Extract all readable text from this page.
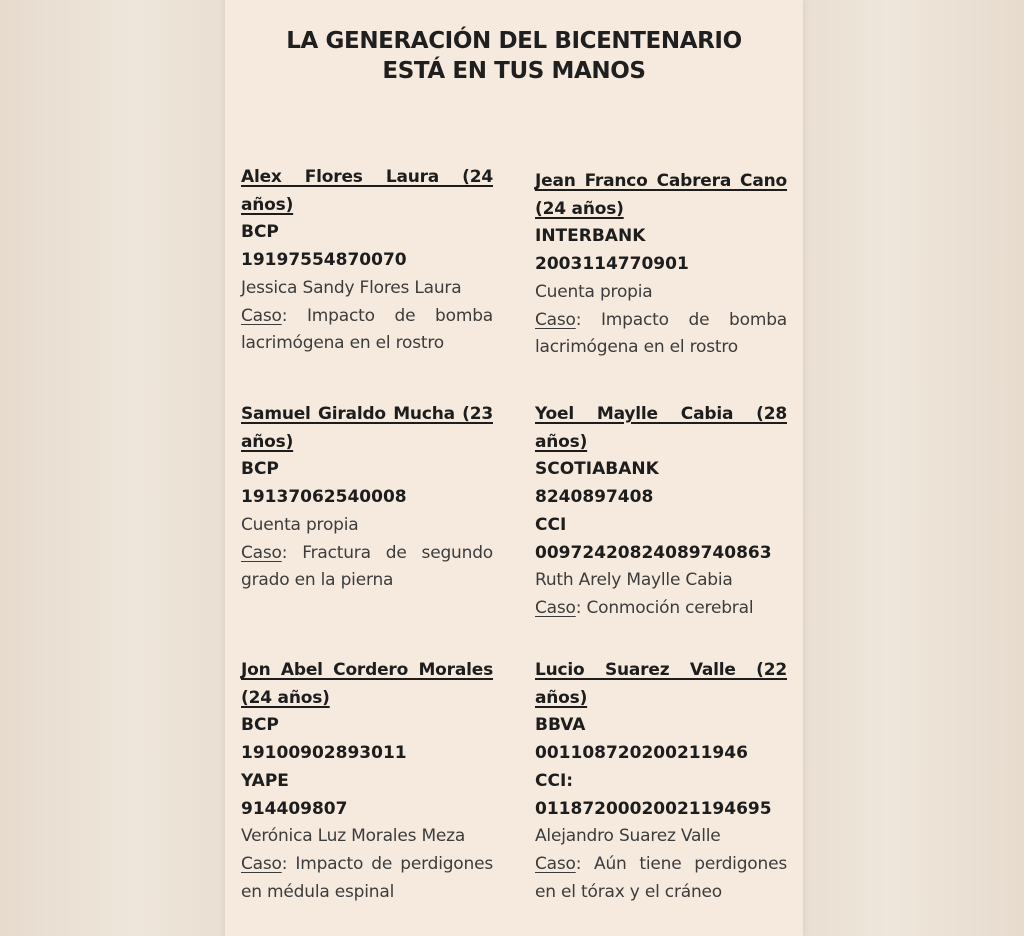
LA GENERACIÓN DEL BICENTENARIO
ESTÁ EN TUS MANOS
Alex Flores Laura (24 años)
BCP
19197554870070
Jessica Sandy Flores Laura
Caso: Impacto de bomba lacrimógena en el rostro
Jean Franco Cabrera Cano (24 años)
INTERBANK
2003114770901
Cuenta propia
Caso: Impacto de bomba lacrimógena en el rostro
Samuel Giraldo Mucha (23 años)
BCP
19137062540008
Cuenta propia
Caso: Fractura de segundo grado en la pierna
Yoel Maylle Cabia (28 años)
SCOTIABANK
8240897408
CCI
00972420824089740863
Ruth Arely Maylle Cabia
Caso: Conmoción cerebral
Jon Abel Cordero Morales (24 años)
BCP
19100902893011
YAPE
914409807
Verónica Luz Morales Meza
Caso: Impacto de perdigones en médula espinal
Lucio Suarez Valle (22 años)
BBVA
001108720200211946
CCI:
01187200020021194695
Alejandro Suarez Valle
Caso: Aún tiene perdigones en el tórax y el cráneo
